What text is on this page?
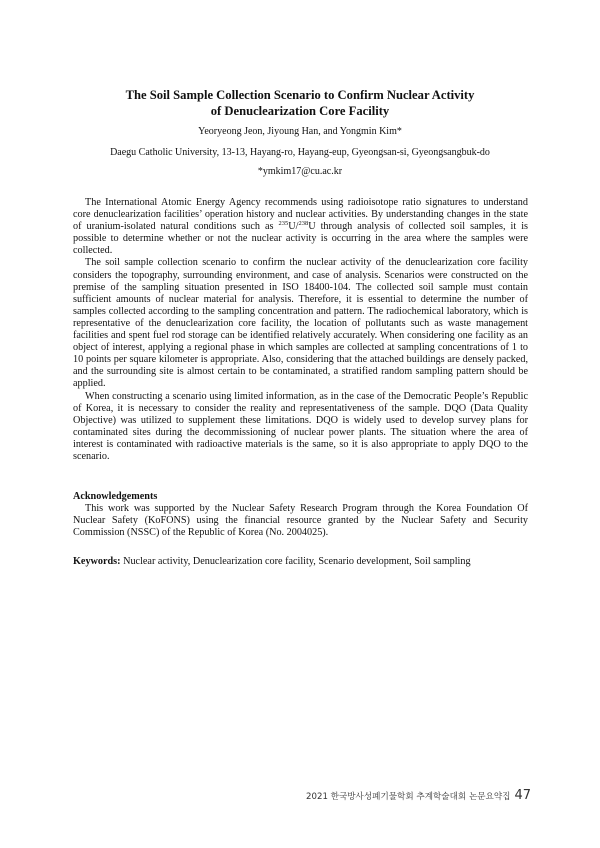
The Soil Sample Collection Scenario to Confirm Nuclear Activity
of Denuclearization Core Facility
Yeoryeong Jeon, Jiyoung Han, and Yongmin Kim*
Daegu Catholic University, 13-13, Hayang-ro, Hayang-eup, Gyeongsan-si, Gyeongsangbuk-do
*ymkim17@cu.ac.kr

The International Atomic Energy Agency recommends using radioisotope ratio signatures to understand core denuclearization facilities’ operation history and nuclear activities. By understanding changes in the state of uranium-isolated natural conditions such as $^{235}$U/$^{238}$U through analysis of collected soil samples, it is possible to determine whether or not the nuclear activity is occurring in the area where the samples were collected.

The soil sample collection scenario to confirm the nuclear activity of the denuclearization core facility considers the topography, surrounding environment, and case of analysis. Scenarios were constructed on the premise of the sampling situation presented in ISO 18400-104. The collected soil sample must contain sufficient amounts of nuclear material for analysis. Therefore, it is essential to determine the number of samples collected according to the sampling concentration and pattern. The radiochemical laboratory, which is representative of the denuclearization core facility, the location of pollutants such as waste management facilities and spent fuel rod storage can be identified relatively accurately. When considering one facility as an object of interest, applying a regional phase in which samples are collected at sampling concentrations of 1 to 10 points per square kilometer is appropriate. Also, considering that the attached buildings are densely packed, and the surrounding site is almost certain to be contaminated, a stratified random sampling pattern should be applied.

When constructing a scenario using limited information, as in the case of the Democratic People’s Republic of Korea, it is necessary to consider the reality and representativeness of the sample. DQO (Data Quality Objective) was utilized to supplement these limitations. DQO is widely used to develop survey plans for contaminated sites during the decommissioning of nuclear power plants. The situation where the area of interest is contaminated with radioactive materials is the same, so it is also appropriate to apply DQO to the scenario.

Acknowledgements

This work was supported by the Nuclear Safety Research Program through the Korea Foundation Of Nuclear Safety (KoFONS) using the financial resource granted by the Nuclear Safety and Security Commission (NSSC) of the Republic of Korea (No. 2004025).

Keywords: Nuclear activity, Denuclearization core facility, Scenario development, Soil sampling
2021 한국방사성폐기물학회 추계학술대회 논문요약집 47
